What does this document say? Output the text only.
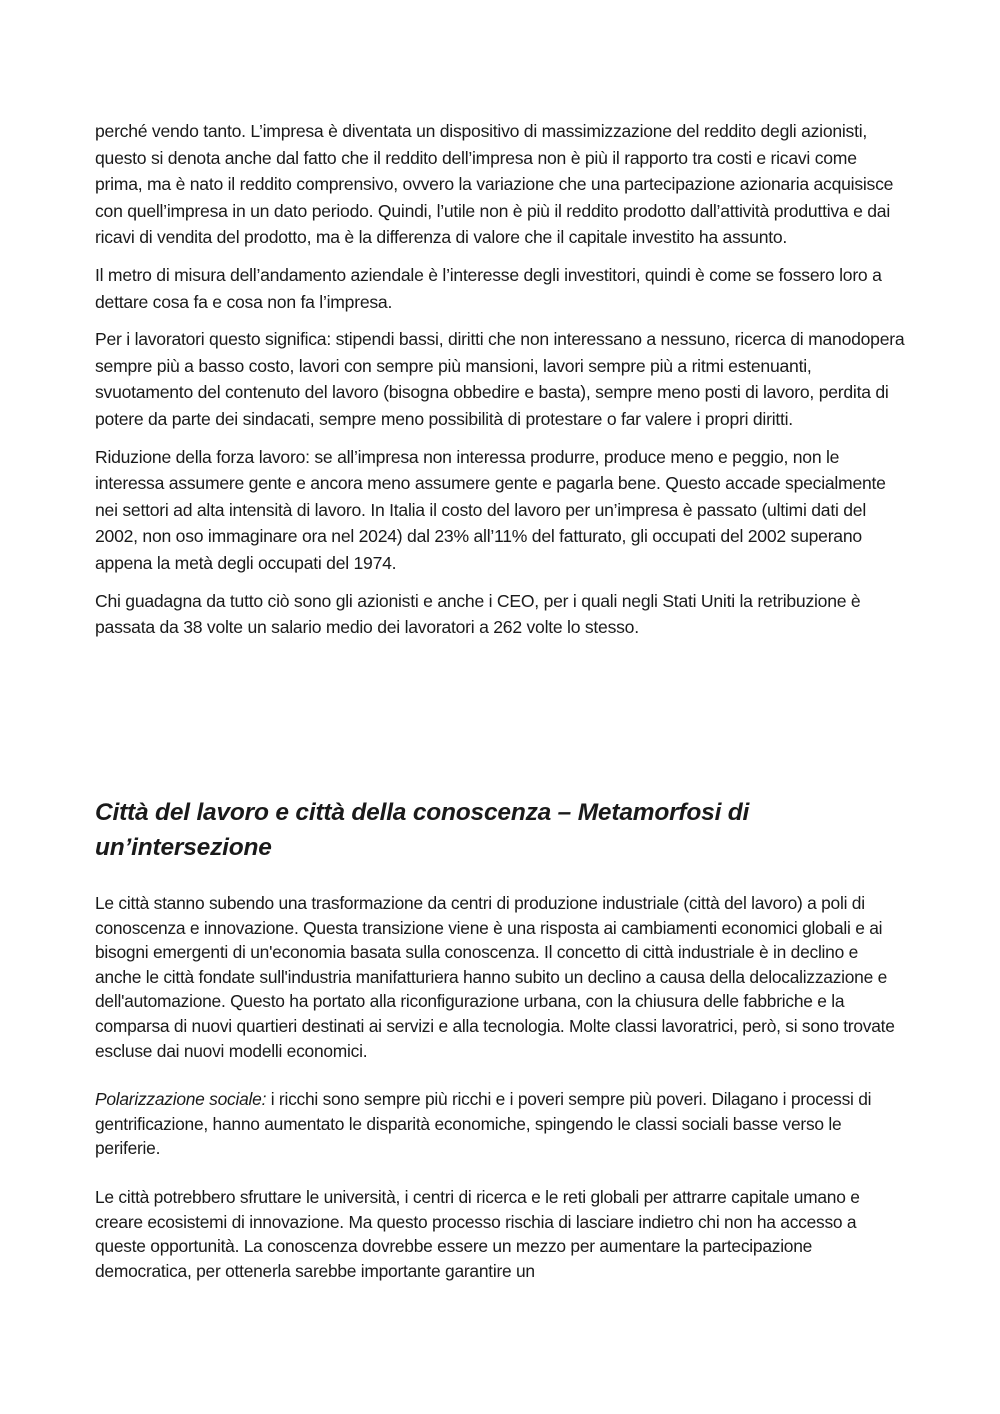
perché vendo tanto. L’impresa è diventata un dispositivo di massimizzazione del reddito degli azionisti, questo si denota anche dal fatto che il reddito dell’impresa non è più il rapporto tra costi e ricavi come prima, ma è nato il reddito comprensivo, ovvero la variazione che una partecipazione azionaria acquisisce con quell’impresa in un dato periodo. Quindi, l’utile non è più il reddito prodotto dall’attività produttiva e dai ricavi di vendita del prodotto, ma è la differenza di valore che il capitale investito ha assunto.

Il metro di misura dell’andamento aziendale è l’interesse degli investitori, quindi è come se fossero loro a dettare cosa fa e cosa non fa l’impresa.

Per i lavoratori questo significa: stipendi bassi, diritti che non interessano a nessuno, ricerca di manodopera sempre più a basso costo, lavori con sempre più mansioni, lavori sempre più a ritmi estenuanti, svuotamento del contenuto del lavoro (bisogna obbedire e basta), sempre meno posti di lavoro, perdita di potere da parte dei sindacati, sempre meno possibilità di protestare o far valere i propri diritti.

Riduzione della forza lavoro: se all’impresa non interessa produrre, produce meno e peggio, non le interessa assumere gente e ancora meno assumere gente e pagarla bene. Questo accade specialmente nei settori ad alta intensità di lavoro. In Italia il costo del lavoro per un’impresa è passato (ultimi dati del 2002, non oso immaginare ora nel 2024) dal 23% all’11% del fatturato, gli occupati del 2002 superano appena la metà degli occupati del 1974.

Chi guadagna da tutto ciò sono gli azionisti e anche i CEO, per i quali negli Stati Uniti la retribuzione è passata da 38 volte un salario medio dei lavoratori a 262 volte lo stesso.

Città del lavoro e città della conoscenza – Metamorfosi di un’intersezione

Le città stanno subendo una trasformazione da centri di produzione industriale (città del lavoro) a poli di conoscenza e innovazione. Questa transizione viene è una risposta ai cambiamenti economici globali e ai bisogni emergenti di un'economia basata sulla conoscenza. Il concetto di città industriale è in declino e anche le città fondate sull'industria manifatturiera hanno subito un declino a causa della delocalizzazione e dell'automazione. Questo ha portato alla riconfigurazione urbana, con la chiusura delle fabbriche e la comparsa di nuovi quartieri destinati ai servizi e alla tecnologia. Molte classi lavoratrici, però, si sono trovate escluse dai nuovi modelli economici.

Polarizzazione sociale: i ricchi sono sempre più ricchi e i poveri sempre più poveri. Dilagano i processi di gentrificazione, hanno aumentato le disparità economiche, spingendo le classi sociali basse verso le periferie.

Le città potrebbero sfruttare le università, i centri di ricerca e le reti globali per attrarre capitale umano e creare ecosistemi di innovazione. Ma questo processo rischia di lasciare indietro chi non ha accesso a queste opportunità. La conoscenza dovrebbe essere un mezzo per aumentare la partecipazione democratica, per ottenerla sarebbe importante garantire un
